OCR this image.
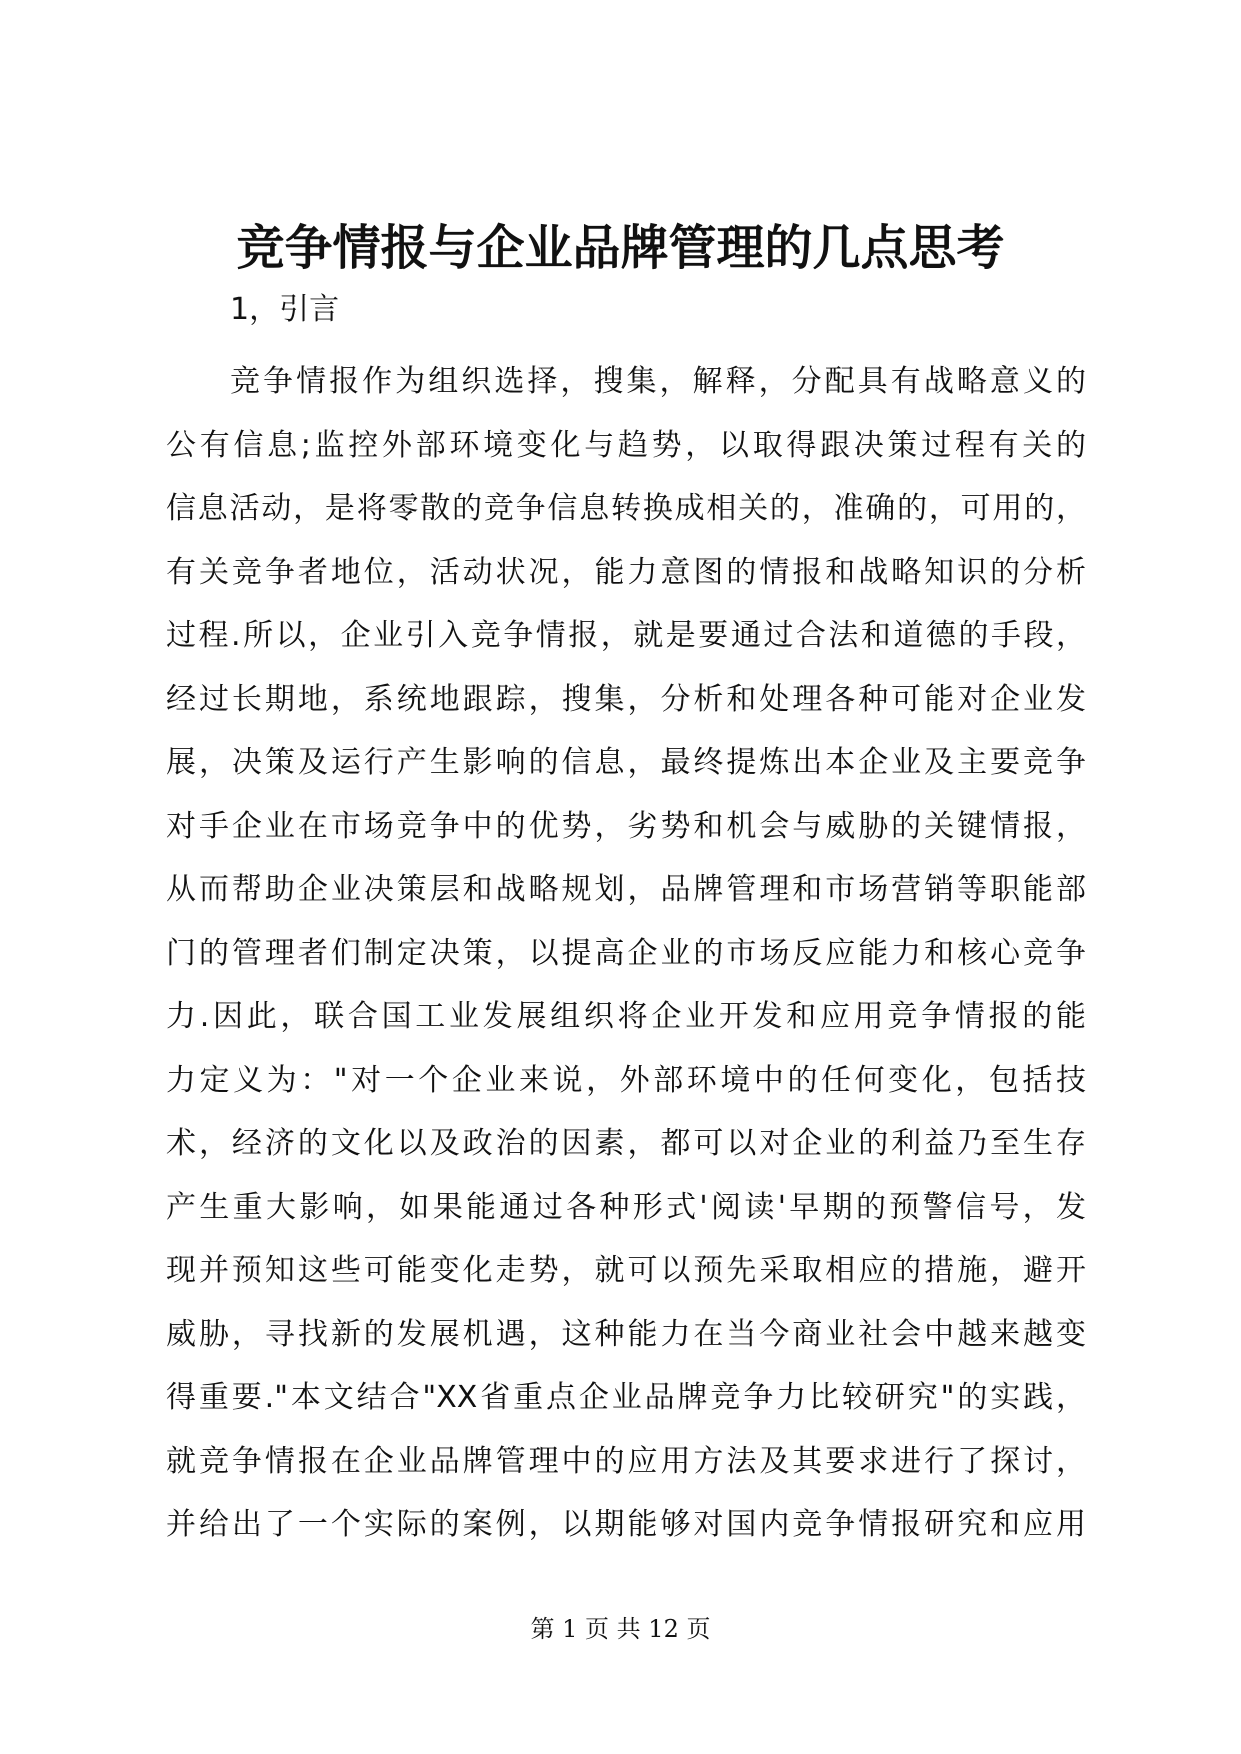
竞争情报与企业品牌管理的几点思考

1，引言

竞争情报作为组织选择，搜集，解释，分配具有战略意义的
公有信息;监控外部环境变化与趋势，以取得跟决策过程有关的
信息活动，是将零散的竞争信息转换成相关的，准确的，可用的，
有关竞争者地位，活动状况，能力意图的情报和战略知识的分析
过程.所以，企业引入竞争情报，就是要通过合法和道德的手段，
经过长期地，系统地跟踪，搜集，分析和处理各种可能对企业发
展，决策及运行产生影响的信息，最终提炼出本企业及主要竞争
对手企业在市场竞争中的优势，劣势和机会与威胁的关键情报，
从而帮助企业决策层和战略规划，品牌管理和市场营销等职能部
门的管理者们制定决策，以提高企业的市场反应能力和核心竞争
力.因此，联合国工业发展组织将企业开发和应用竞争情报的能
力定义为："对一个企业来说，外部环境中的任何变化，包括技
术，经济的文化以及政治的因素，都可以对企业的利益乃至生存
产生重大影响，如果能通过各种形式'阅读'早期的预警信号，发
现并预知这些可能变化走势，就可以预先采取相应的措施，避开
威胁，寻找新的发展机遇，这种能力在当今商业社会中越来越变
得重要."本文结合"XX省重点企业品牌竞争力比较研究"的实践，
就竞争情报在企业品牌管理中的应用方法及其要求进行了探讨，
并给出了一个实际的案例，以期能够对国内竞争情报研究和应用
第 1 页 共 12 页
